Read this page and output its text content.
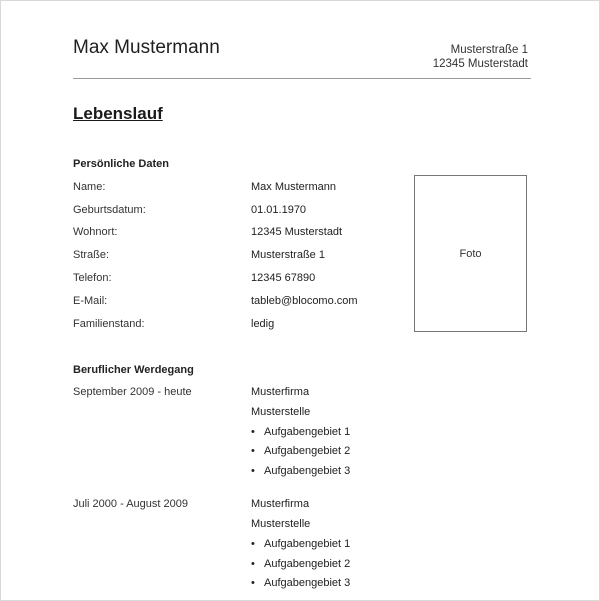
Max Mustermann	Musterstraße 1
12345 Musterstadt
Lebenslauf
Persönliche Daten
Name:	Max Mustermann
Geburtsdatum:	01.01.1970
Wohnort:	12345 Musterstadt
Straße:	Musterstraße 1
Telefon:	12345 67890
E-Mail:	tableb@blocomo.com
Familienstand:	ledig
Foto
Beruflicher Werdegang
September 2009 - heute	Musterfirma
Musterstelle
• Aufgabengebiet 1
• Aufgabengebiet 2
• Aufgabengebiet 3
Juli 2000 - August 2009	Musterfirma
Musterstelle
• Aufgabengebiet 1
• Aufgabengebiet 2
• Aufgabengebiet 3
